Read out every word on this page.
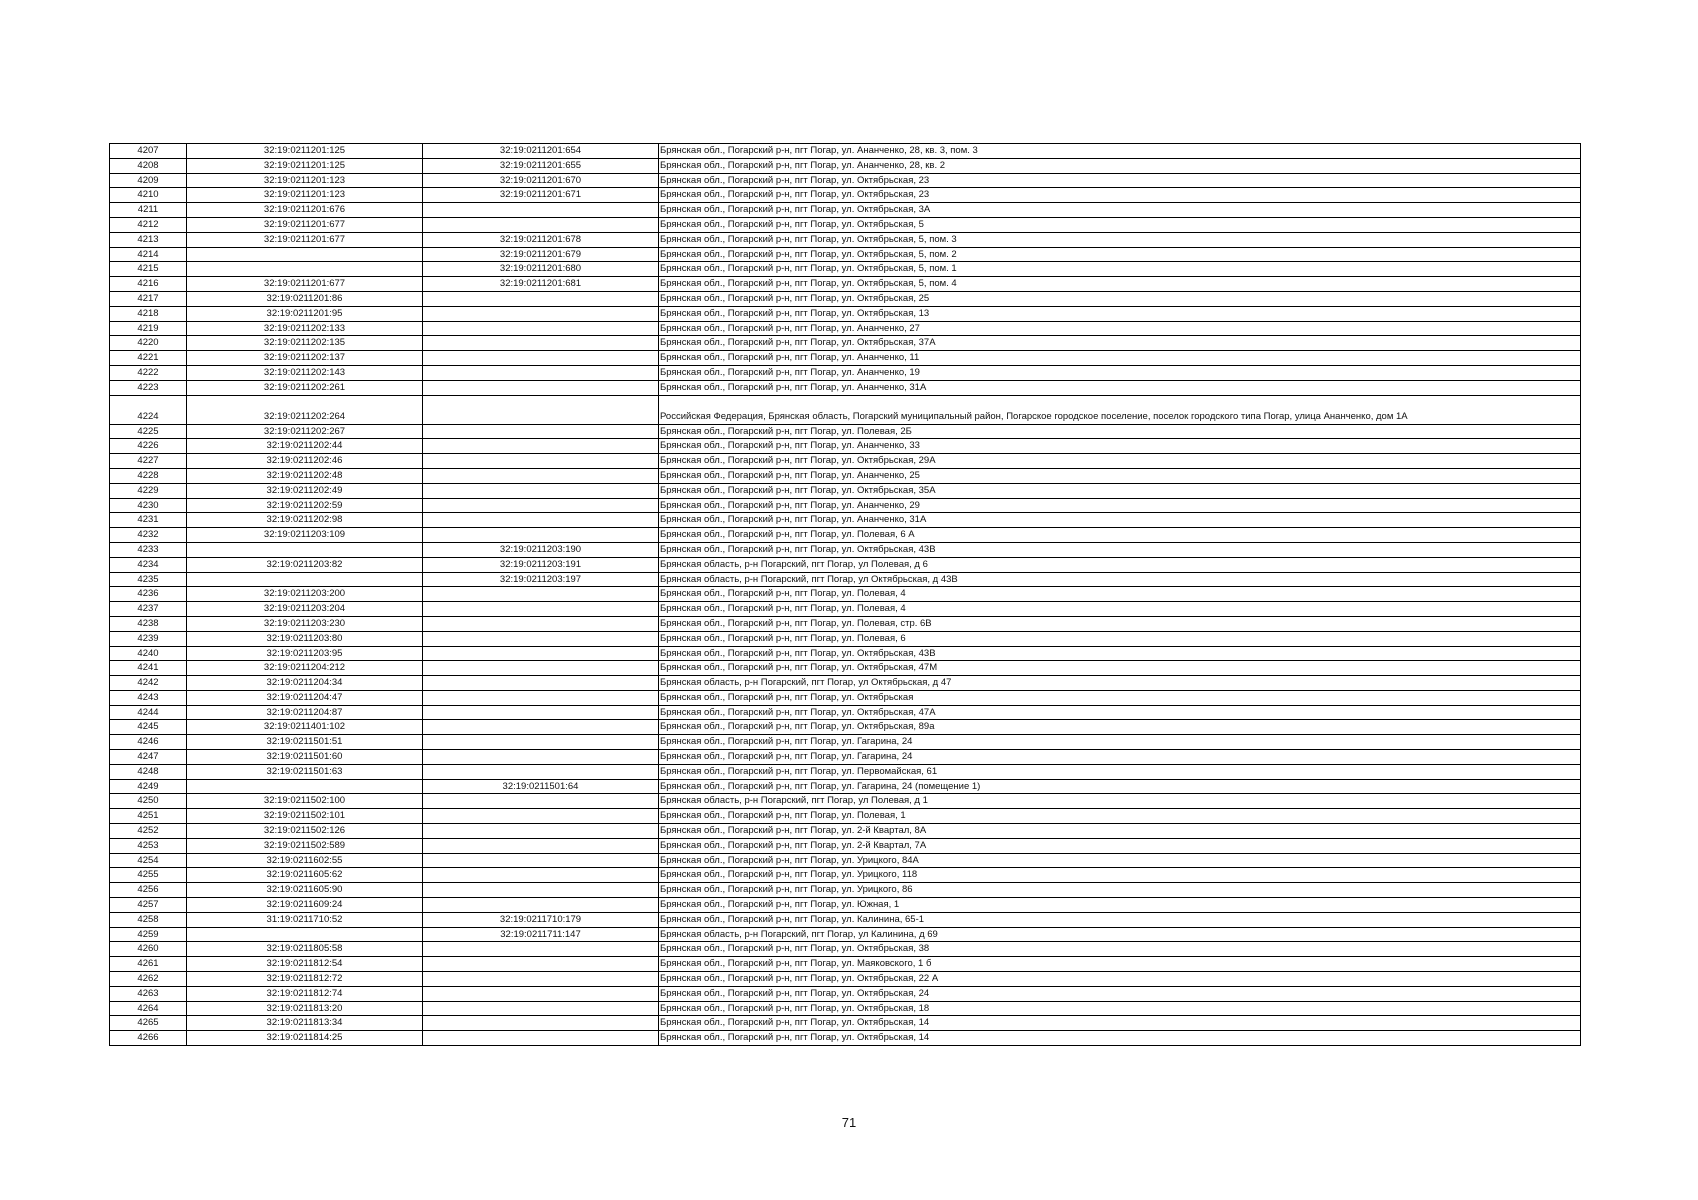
4207	32:19:0211201:125	32:19:0211201:654	Брянская обл., Погарский р-н, пгт Погар, ул. Ананченко, 28, кв. 3, пом. 3
4208	32:19:0211201:125	32:19:0211201:655	Брянская обл., Погарский р-н, пгт Погар, ул. Ананченко, 28, кв. 2
4209	32:19:0211201:123	32:19:0211201:670	Брянская обл., Погарский р-н, пгт Погар, ул. Октябрьская, 23
4210	32:19:0211201:123	32:19:0211201:671	Брянская обл., Погарский р-н, пгт Погар, ул. Октябрьская, 23
4211	32:19:0211201:676		Брянская обл., Погарский р-н, пгт Погар, ул. Октябрьская, 3А
4212	32:19:0211201:677		Брянская обл., Погарский р-н, пгт Погар, ул. Октябрьская, 5
4213	32:19:0211201:677	32:19:0211201:678	Брянская обл., Погарский р-н, пгт Погар, ул. Октябрьская, 5, пом. 3
4214		32:19:0211201:679	Брянская обл., Погарский р-н, пгт Погар, ул. Октябрьская, 5, пом. 2
4215		32:19:0211201:680	Брянская обл., Погарский р-н, пгт Погар, ул. Октябрьская, 5, пом. 1
4216	32:19:0211201:677	32:19:0211201:681	Брянская обл., Погарский р-н, пгт Погар, ул. Октябрьская, 5, пом. 4
4217	32:19:0211201:86		Брянская обл., Погарский р-н, пгт Погар, ул. Октябрьская, 25
4218	32:19:0211201:95		Брянская обл., Погарский р-н, пгт Погар, ул. Октябрьская, 13
4219	32:19:0211202:133		Брянская обл., Погарский р-н, пгт Погар, ул. Ананченко, 27
4220	32:19:0211202:135		Брянская обл., Погарский р-н, пгт Погар, ул. Октябрьская, 37А
4221	32:19:0211202:137		Брянская обл., Погарский р-н, пгт Погар, ул. Ананченко, 11
4222	32:19:0211202:143		Брянская обл., Погарский р-н, пгт Погар, ул. Ананченко, 19
4223	32:19:0211202:261		Брянская обл., Погарский р-н, пгт Погар, ул. Ананченко, 31А
4224	32:19:0211202:264		Российская Федерация, Брянская область, Погарский муниципальный район, Погарское городское поселение, поселок городского типа Погар, улица Ананченко, дом 1А
4225	32:19:0211202:267		Брянская обл., Погарский р-н, пгт Погар, ул. Полевая, 2Б
4226	32:19:0211202:44		Брянская обл., Погарский р-н, пгт Погар, ул. Ананченко, 33
4227	32:19:0211202:46		Брянская обл., Погарский р-н, пгт Погар, ул. Октябрьская, 29А
4228	32:19:0211202:48		Брянская обл., Погарский р-н, пгт Погар, ул. Ананченко, 25
4229	32:19:0211202:49		Брянская обл., Погарский р-н, пгт Погар, ул. Октябрьская, 35А
4230	32:19:0211202:59		Брянская обл., Погарский р-н, пгт Погар, ул. Ананченко, 29
4231	32:19:0211202:98		Брянская обл., Погарский р-н, пгт Погар, ул. Ананченко, 31А
4232	32:19:0211203:109		Брянская обл., Погарский р-н, пгт Погар, ул. Полевая, 6 А
4233		32:19:0211203:190	Брянская обл., Погарский р-н, пгт Погар, ул. Октябрьская, 43В
4234	32:19:0211203:82	32:19:0211203:191	Брянская область, р-н Погарский, пгт Погар, ул Полевая, д 6
4235		32:19:0211203:197	Брянская область, р-н Погарский, пгт Погар, ул Октябрьская, д 43В
4236	32:19:0211203:200		Брянская обл., Погарский р-н, пгт Погар, ул. Полевая, 4
4237	32:19:0211203:204		Брянская обл., Погарский р-н, пгт Погар, ул. Полевая, 4
4238	32:19:0211203:230		Брянская обл., Погарский р-н, пгт Погар, ул. Полевая, стр. 6В
4239	32:19:0211203:80		Брянская обл., Погарский р-н, пгт Погар, ул. Полевая, 6
4240	32:19:0211203:95		Брянская обл., Погарский р-н, пгт Погар, ул. Октябрьская, 43В
4241	32:19:0211204:212		Брянская обл., Погарский р-н, пгт Погар, ул. Октябрьская, 47М
4242	32:19:0211204:34		Брянская область, р-н Погарский, пгт Погар, ул Октябрьская, д 47
4243	32:19:0211204:47		Брянская обл., Погарский р-н, пгт Погар, ул. Октябрьская
4244	32:19:0211204:87		Брянская обл., Погарский р-н, пгт Погар, ул. Октябрьская, 47А
4245	32:19:0211401:102		Брянская обл., Погарский р-н, пгт Погар, ул. Октябрьская, 89а
4246	32:19:0211501:51		Брянская обл., Погарский р-н, пгт Погар, ул. Гагарина, 24
4247	32:19:0211501:60		Брянская обл., Погарский р-н, пгт Погар, ул. Гагарина, 24
4248	32:19:0211501:63		Брянская обл., Погарский р-н, пгт Погар, ул. Первомайская, 61
4249		32:19:0211501:64	Брянская обл., Погарский р-н, пгт Погар, ул. Гагарина, 24 (помещение 1)
4250	32:19:0211502:100		Брянская область, р-н Погарский, пгт Погар, ул Полевая, д 1
4251	32:19:0211502:101		Брянская обл., Погарский р-н, пгт Погар, ул. Полевая, 1
4252	32:19:0211502:126		Брянская обл., Погарский р-н, пгт Погар, ул. 2-й Квартал, 8А
4253	32:19:0211502:589		Брянская обл., Погарский р-н, пгт Погар, ул. 2-й Квартал, 7А
4254	32:19:0211602:55		Брянская обл., Погарский р-н, пгт Погар, ул. Урицкого, 84А
4255	32:19:0211605:62		Брянская обл., Погарский р-н, пгт Погар, ул. Урицкого, 118
4256	32:19:0211605:90		Брянская обл., Погарский р-н, пгт Погар, ул. Урицкого, 86
4257	32:19:0211609:24		Брянская обл., Погарский р-н, пгт Погар, ул. Южная, 1
4258	31:19:0211710:52	32:19:0211710:179	Брянская обл., Погарский р-н, пгт Погар, ул. Калинина, 65-1
4259		32:19:0211711:147	Брянская область, р-н Погарский, пгт Погар, ул Калинина, д 69
4260	32:19:0211805:58		Брянская обл., Погарский р-н, пгт Погар, ул. Октябрьская, 38
4261	32:19:0211812:54		Брянская обл., Погарский р-н, пгт Погар, ул. Маяковского, 1 б
4262	32:19:0211812:72		Брянская обл., Погарский р-н, пгт Погар, ул. Октябрьская, 22 А
4263	32:19:0211812:74		Брянская обл., Погарский р-н, пгт Погар, ул. Октябрьская, 24
4264	32:19:0211813:20		Брянская обл., Погарский р-н, пгт Погар, ул. Октябрьская, 18
4265	32:19:0211813:34		Брянская обл., Погарский р-н, пгт Погар, ул. Октябрьская, 14
4266	32:19:0211814:25		Брянская обл., Погарский р-н, пгт Погар, ул. Октябрьская, 14
71
